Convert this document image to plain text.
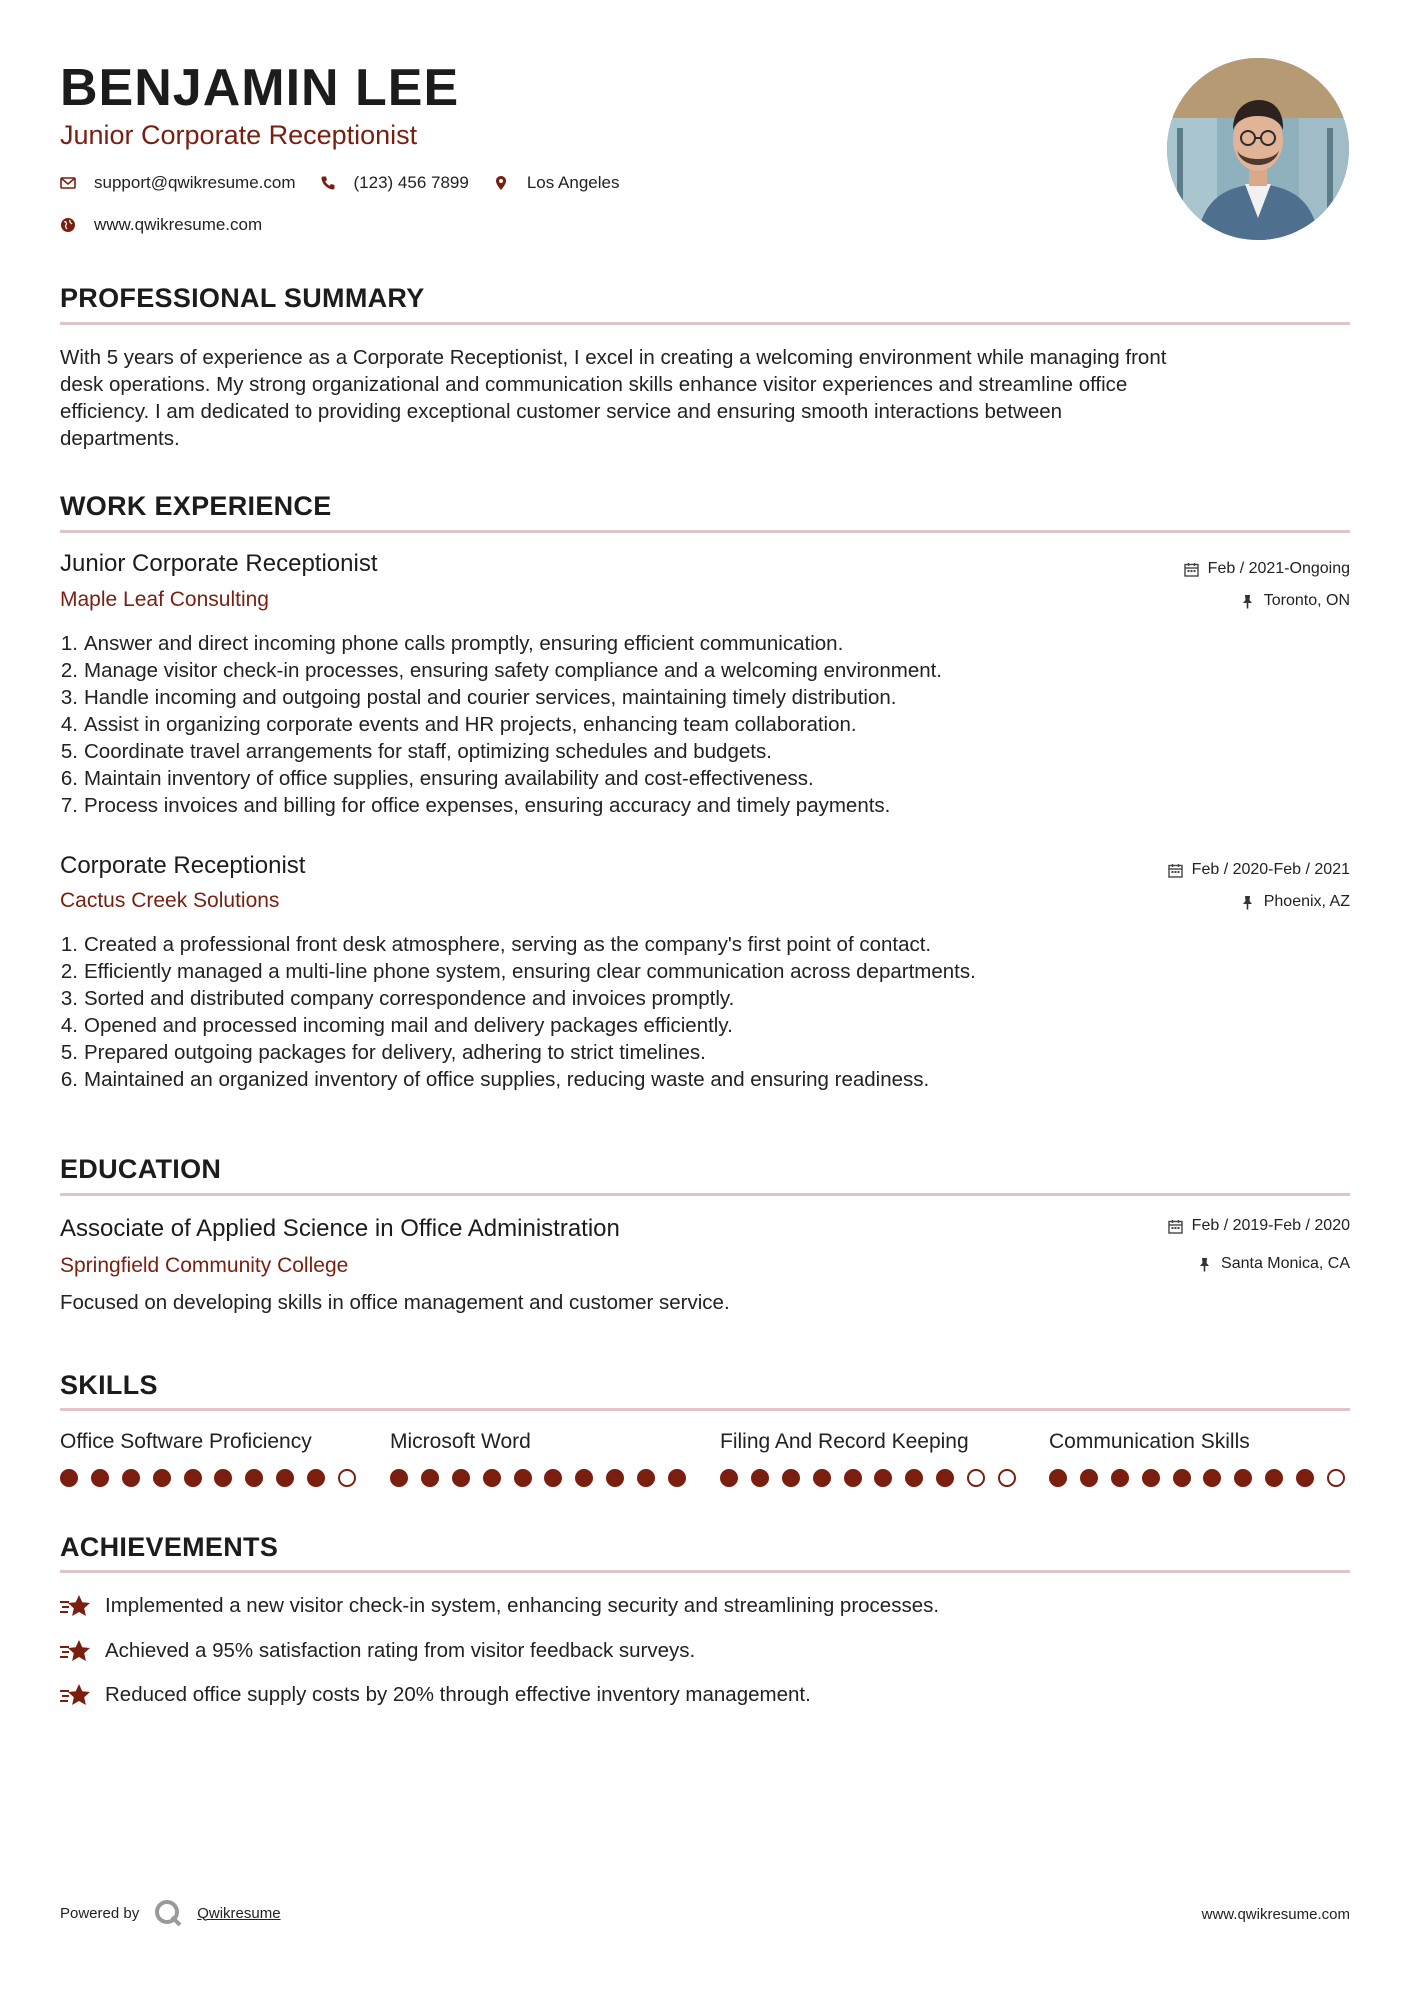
BENJAMIN LEE
Junior Corporate Receptionist
support@qwikresume.com	(123) 456 7899	Los Angeles
www.qwikresume.com
PROFESSIONAL SUMMARY
With 5 years of experience as a Corporate Receptionist, I excel in creating a welcoming environment while managing front
desk operations. My strong organizational and communication skills enhance visitor experiences and streamline office
efficiency. I am dedicated to providing exceptional customer service and ensuring smooth interactions between
departments.
WORK EXPERIENCE
Junior Corporate Receptionist
Maple Leaf Consulting
Feb / 2021-Ongoing
Toronto, ON
1. Answer and direct incoming phone calls promptly, ensuring efficient communication.
2. Manage visitor check-in processes, ensuring safety compliance and a welcoming environment.
3. Handle incoming and outgoing postal and courier services, maintaining timely distribution.
4. Assist in organizing corporate events and HR projects, enhancing team collaboration.
5. Coordinate travel arrangements for staff, optimizing schedules and budgets.
6. Maintain inventory of office supplies, ensuring availability and cost-effectiveness.
7. Process invoices and billing for office expenses, ensuring accuracy and timely payments.
Corporate Receptionist
Cactus Creek Solutions
Feb / 2020-Feb / 2021
Phoenix, AZ
1. Created a professional front desk atmosphere, serving as the company's first point of contact.
2. Efficiently managed a multi-line phone system, ensuring clear communication across departments.
3. Sorted and distributed company correspondence and invoices promptly.
4. Opened and processed incoming mail and delivery packages efficiently.
5. Prepared outgoing packages for delivery, adhering to strict timelines.
6. Maintained an organized inventory of office supplies, reducing waste and ensuring readiness.
EDUCATION
Associate of Applied Science in Office Administration
Springfield Community College
Feb / 2019-Feb / 2020
Santa Monica, CA
Focused on developing skills in office management and customer service.
SKILLS
Office Software Proficiency	Microsoft Word	Filing And Record Keeping	Communication Skills
ACHIEVEMENTS
Implemented a new visitor check-in system, enhancing security and streamlining processes.
Achieved a 95% satisfaction rating from visitor feedback surveys.
Reduced office supply costs by 20% through effective inventory management.
Powered by	Qwikresume	www.qwikresume.com
